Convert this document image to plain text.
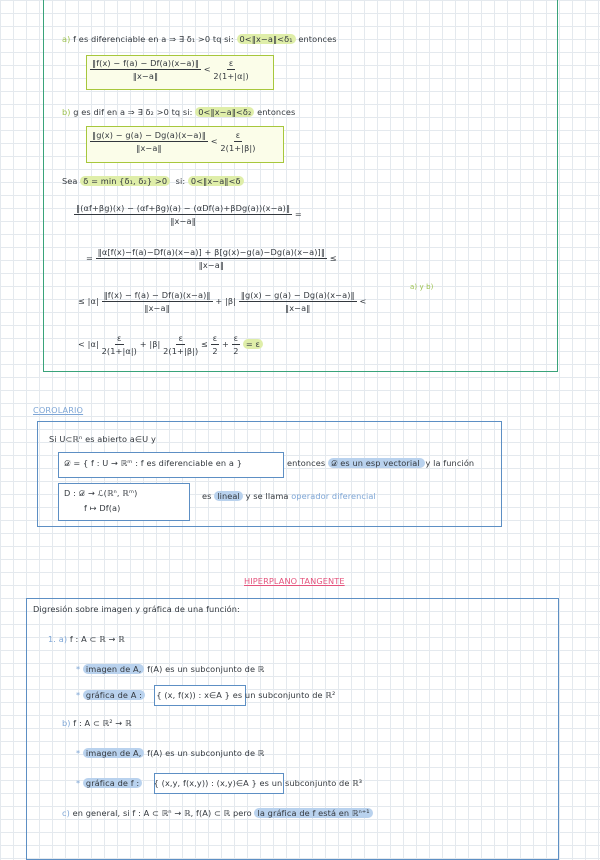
a) f es diferenciable en a ⇒ ∃ δ₁ >0 tq si: 0<‖x−a‖<δ₁ entonces
$\frac{‖f(x) - f(a) - Df(a)(x-a)‖}{‖x-a‖} < \frac{\varepsilon}{2(1+|\alpha|)}$
b) g es dif en a ⇒ ∃ δ₂ >0 tq si: 0<‖x−a‖<δ₂ entonces
$\frac{‖g(x) - g(a) - Dg(a)(x-a)‖}{‖x-a‖} < \frac{\varepsilon}{2(1+|\beta|)}$
Sea δ = min {δ₁, δ₂} >0 si: 0<‖x−a‖<δ
$\frac{\text{‖(αf+βg)(x) − (αf+βg)(a) − (αDf(a)+βDg(a))(x−a)‖}}{‖x-a‖}$ =
= $\frac{‖\alpha[f(x)-f(a)-Df(a)(x-a)] + \beta[g(x)-g(a)-Dg(a)(x-a)]‖}{‖x-a‖}$ ≤
≤ $|\alpha| \frac{‖f(x) - f(a) - Df(a)(x-a)‖}{‖x-a‖} + |\beta| \frac{‖g(x) - g(a) - Dg(a)(x-a)‖}{‖x-a‖}$ <
a) y b)
< $|\alpha| \frac{\varepsilon}{2(1+|\alpha|)} + |\beta| \frac{\varepsilon}{2(1+|\beta|)} \le \frac{\varepsilon}{2} + \frac{\varepsilon}{2} = \varepsilon$
COROLARIO
Si U⊂ℝⁿ es abierto a∈U y
𝒟 = { f : U → ℝᵐ : f es diferenciable en a }	entonces 𝒟 es un esp vectorial y la función
D : 𝒟 → ℒ(ℝⁿ, ℝᵐ)
f ↦ Df(a)
es lineal y se llama operador diferencial
HIPERPLANO TANGENTE
Digresión sobre imagen y gráfica de una función:
1. a) f : A ⊂ ℝ → ℝ
* imagen de A, f(A) es un subconjunto de ℝ
* gráfica de A : { (x, f(x)) : x∈A } es un subconjunto de ℝ²
b) f : A ⊂ ℝ² → ℝ
* imagen de A, f(A) es un subconjunto de ℝ
* gráfica de f : { (x,y, f(x,y)) : (x,y)∈A } es un subconjunto de ℝ³
c) en general, si f : A ⊂ ℝⁿ → ℝ, f(A) ⊂ ℝ pero la gráfica de f está en ℝⁿ⁺¹
